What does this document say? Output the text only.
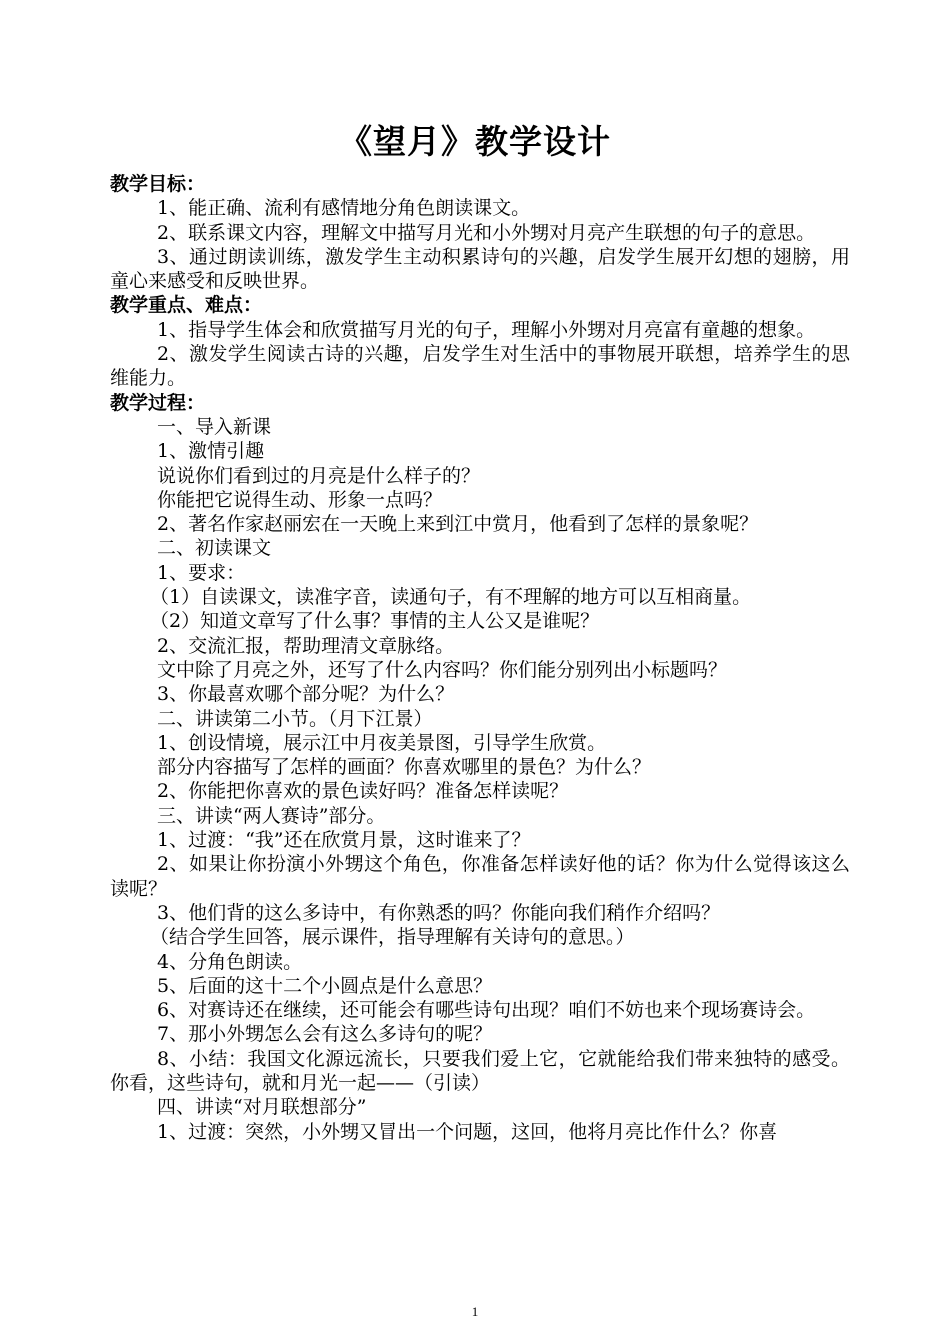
《望月》教学设计

教学目标：

1、能正确、流利有感情地分角色朗读课文。

2、联系课文内容，理解文中描写月光和小外甥对月亮产生联想的句子的意思。

3、通过朗读训练，激发学生主动积累诗句的兴趣，启发学生展开幻想的翅膀，用童心来感受和反映世界。

教学重点、难点：

1、指导学生体会和欣赏描写月光的句子，理解小外甥对月亮富有童趣的想象。

2、激发学生阅读古诗的兴趣，启发学生对生活中的事物展开联想，培养学生的思维能力。

教学过程：

一、导入新课

1、激情引趣

说说你们看到过的月亮是什么样子的？

你能把它说得生动、形象一点吗？

2、著名作家赵丽宏在一天晚上来到江中赏月，他看到了怎样的景象呢？

二、初读课文

1、要求：

（1）自读课文，读准字音，读通句子，有不理解的地方可以互相商量。

（2）知道文章写了什么事？事情的主人公又是谁呢？

2、交流汇报，帮助理清文章脉络。

文中除了月亮之外，还写了什么内容吗？你们能分别列出小标题吗？

3、你最喜欢哪个部分呢？为什么？

二、讲读第二小节。（月下江景）

1、创设情境，展示江中月夜美景图，引导学生欣赏。

部分内容描写了怎样的画面？你喜欢哪里的景色？为什么？

2、你能把你喜欢的景色读好吗？准备怎样读呢？

三、讲读“两人赛诗”部分。

1、过渡：“我”还在欣赏月景，这时谁来了？

2、如果让你扮演小外甥这个角色，你准备怎样读好他的话？你为什么觉得该这么读呢？

3、他们背的这么多诗中，有你熟悉的吗？你能向我们稍作介绍吗？

（结合学生回答，展示课件，指导理解有关诗句的意思。）

4、分角色朗读。

5、后面的这十二个小圆点是什么意思？

6、对赛诗还在继续，还可能会有哪些诗句出现？咱们不妨也来个现场赛诗会。

7、那小外甥怎么会有这么多诗句的呢？

8、小结：我国文化源远流长，只要我们爱上它，它就能给我们带来独特的感受。你看，这些诗句，就和月光一起——（引读）

四、讲读“对月联想部分”

1、过渡：突然，小外甥又冒出一个问题，这回，他将月亮比作什么？你喜

1
